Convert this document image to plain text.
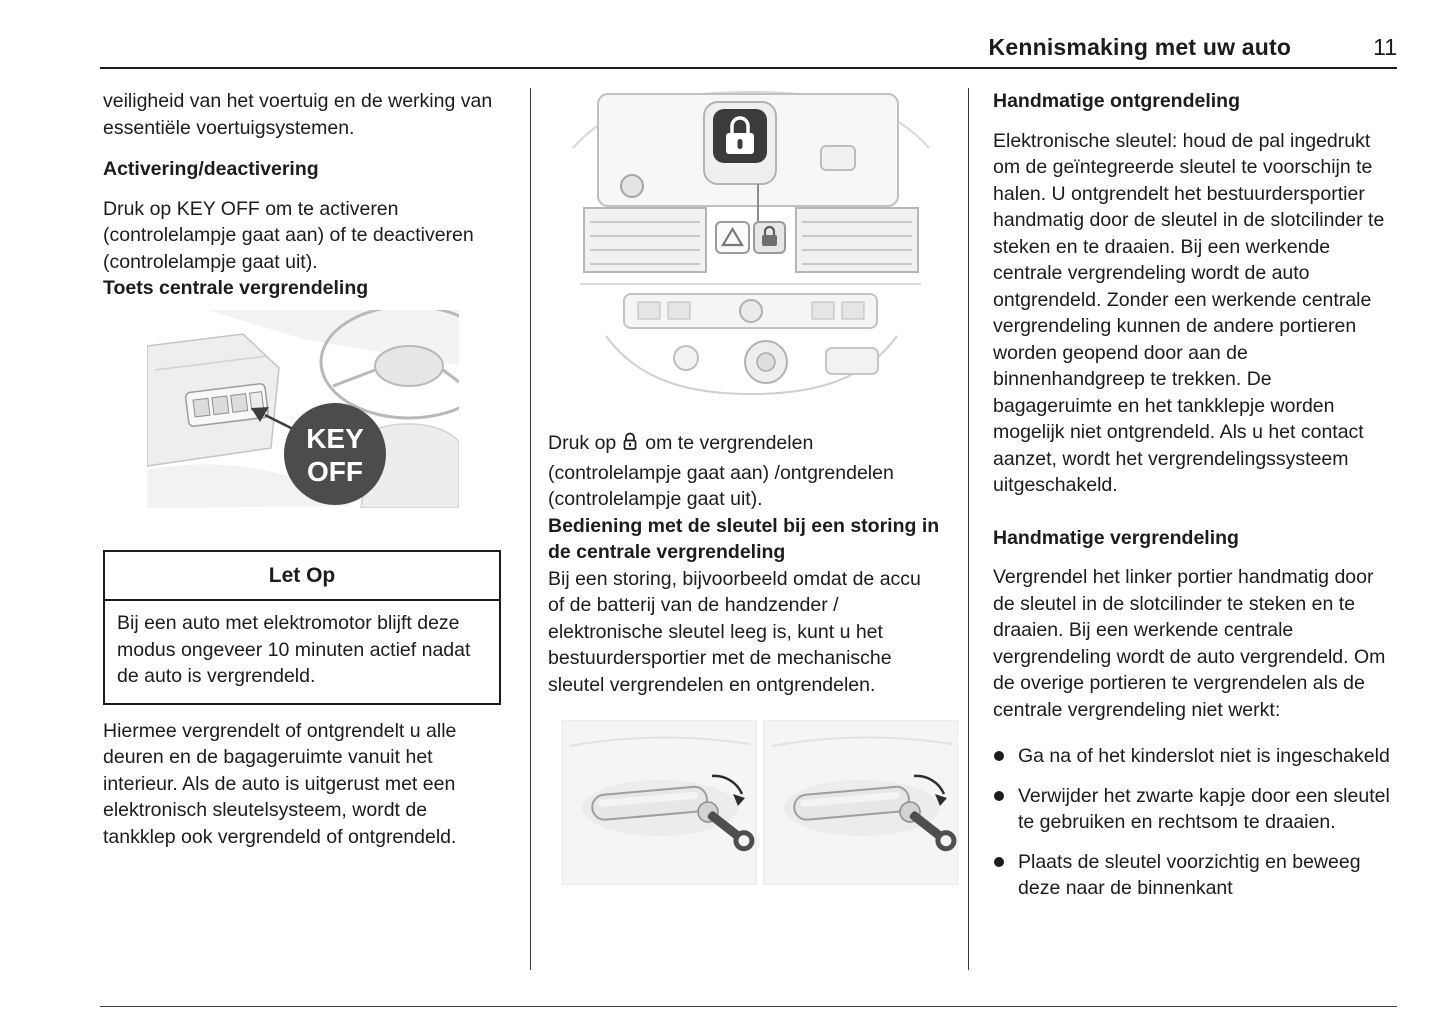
Kennismaking met uw auto	11

veiligheid van het voertuig en de werking van essentiële voertuigsystemen.

Activering/deactivering

Druk op KEY OFF om te activeren (controlelampje gaat aan) of te deactiveren (controlelampje gaat uit).

Toets centrale vergrendeling
KEY
OFF
Let Op
Bij een auto met elektromotor blijft deze modus ongeveer 10 minuten actief nadat de auto is vergrendeld.

Hiermee vergrendelt of ontgrendelt u alle deuren en de bagageruimte vanuit het interieur. Als de auto is uitgerust met een elektronisch sleutelsysteem, wordt de tankklep ook vergrendeld of ontgrendeld.

Druk op om te vergrendelen (controlelampje gaat aan) /ontgrendelen (controlelampje gaat uit).

Bediening met de sleutel bij een storing in de centrale vergrendeling

Bij een storing, bijvoorbeeld omdat de accu of de batterij van de handzender / elektronische sleutel leeg is, kunt u het bestuurdersportier met de mechanische sleutel vergrendelen en ontgrendelen.

Handmatige ontgrendeling

Elektronische sleutel: houd de pal ingedrukt om de geïntegreerde sleutel te voorschijn te halen. U ontgrendelt het bestuurdersportier handmatig door de sleutel in de slotcilinder te steken en te draaien. Bij een werkende centrale vergrendeling wordt de auto ontgrendeld. Zonder een werkende centrale vergrendeling kunnen de andere portieren worden geopend door aan de binnenhandgreep te trekken. De bagageruimte en het tankklepje worden mogelijk niet ontgrendeld. Als u het contact aanzet, wordt het vergrendelingssysteem uitgeschakeld.

Handmatige vergrendeling

Vergrendel het linker portier handmatig door de sleutel in de slotcilinder te steken en te draaien. Bij een werkende centrale vergrendeling wordt de auto vergrendeld. Om de overige portieren te vergrendelen als de centrale vergrendeling niet werkt:

Ga na of het kinderslot niet is ingeschakeld
Verwijder het zwarte kapje door een sleutel te gebruiken en rechtsom te draaien.
Plaats de sleutel voorzichtig en beweeg deze naar de binnenkant
